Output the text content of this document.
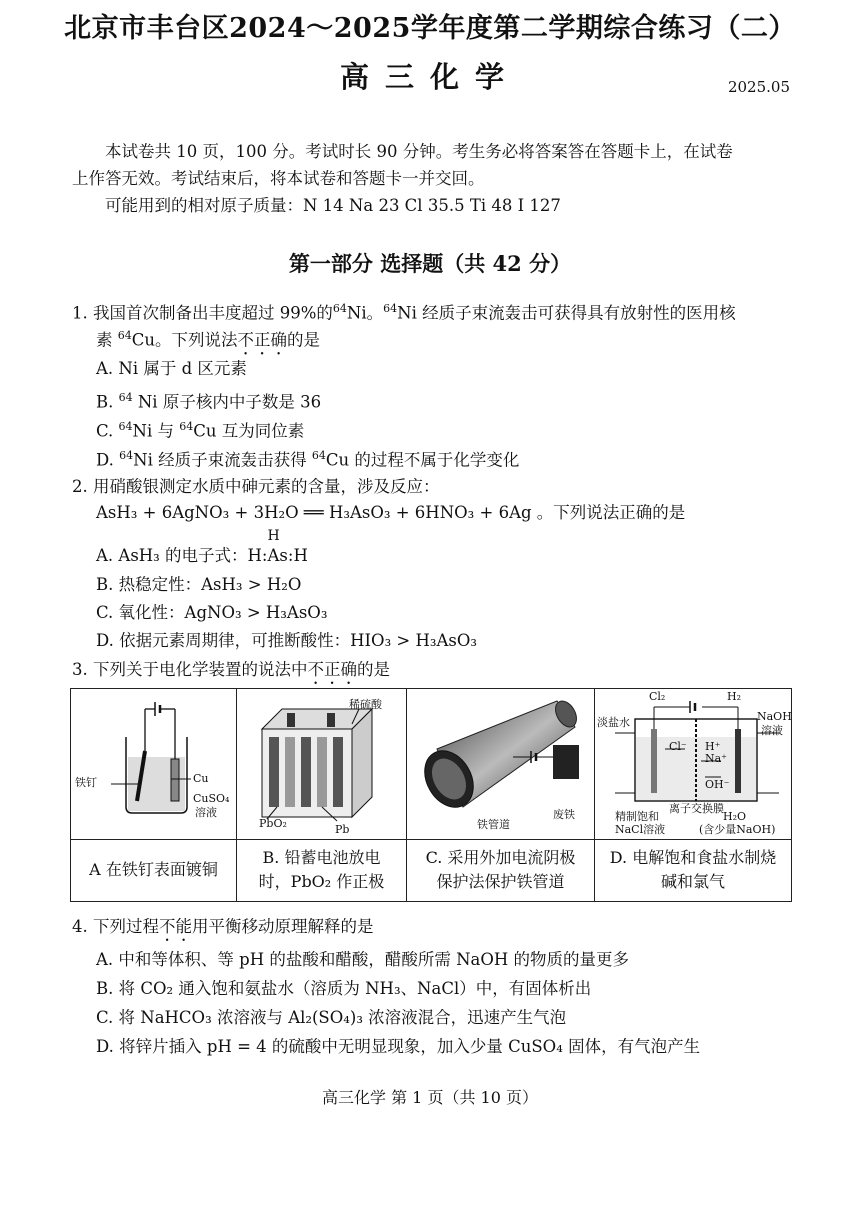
北京市丰台区2024～2025学年度第二学期综合练习（二）
高三化学	2025.05
本试卷共 10 页，100 分。考试时长 90 分钟。考生务必将答案答在答题卡上，在试卷
上作答无效。考试结束后，将本试卷和答题卡一并交回。
可能用到的相对原子质量：N 14 Na 23 Cl 35.5 Ti 48 I 127
第一部分 选择题（共 42 分）
1. 我国首次制备出丰度超过 99%的$^{64}$Ni。$^{64}$Ni 经质子束流轰击可获得具有放射性的医用核
素 $^{64}$Cu。下列说法不正确的是
A. Ni 属于 d 区元素
B. $^{64}$ Ni 原子核内中子数是 36
C. $^{64}$Ni 与 $^{64}$Cu 互为同位素
D. $^{64}$Ni 经质子束流轰击获得 $^{64}$Cu 的过程不属于化学变化
2. 用硝酸银测定水质中砷元素的含量，涉及反应：
AsH₃ + 6AgNO₃ + 3H₂O ══ H₃AsO₃ + 6HNO₃ + 6Ag 。下列说法正确的是
A. AsH₃ 的电子式：
H
H:As:H
B. 热稳定性：AsH₃ > H₂O
C. 氧化性：AgNO₃ > H₃AsO₃
D. 依据元素周期律，可推断酸性：HIO₃ > H₃AsO₃
3. 下列关于电化学装置的说法中不正确的是
铁钉	Cu
CuSO₄
溶液
稀硫酸
PbO₂	Pb	铁管道
废铁
Cl₂	H₂
淡盐水	NaOH
溶液
Cl⁻ H⁺
Na⁺
OH⁻
离子交换膜
精制饱和
NaCl溶液
H₂O
(含少量NaOH)
A 在铁钉表面镀铜
B. 铅蓄电池放电时，PbO₂ 作正极
C. 采用外加电流阴极保护法保护铁管道
D. 电解饱和食盐水制烧碱和氯气
4. 下列过程不能用平衡移动原理解释的是
A. 中和等体积、等 pH 的盐酸和醋酸，醋酸所需 NaOH 的物质的量更多
B. 将 CO₂ 通入饱和氨盐水（溶质为 NH₃、NaCl）中，有固体析出
C. 将 NaHCO₃ 浓溶液与 Al₂(SO₄)₃ 浓溶液混合，迅速产生气泡
D. 将锌片插入 pH = 4 的硫酸中无明显现象，加入少量 CuSO₄ 固体，有气泡产生
高三化学 第 1 页（共 10 页）
